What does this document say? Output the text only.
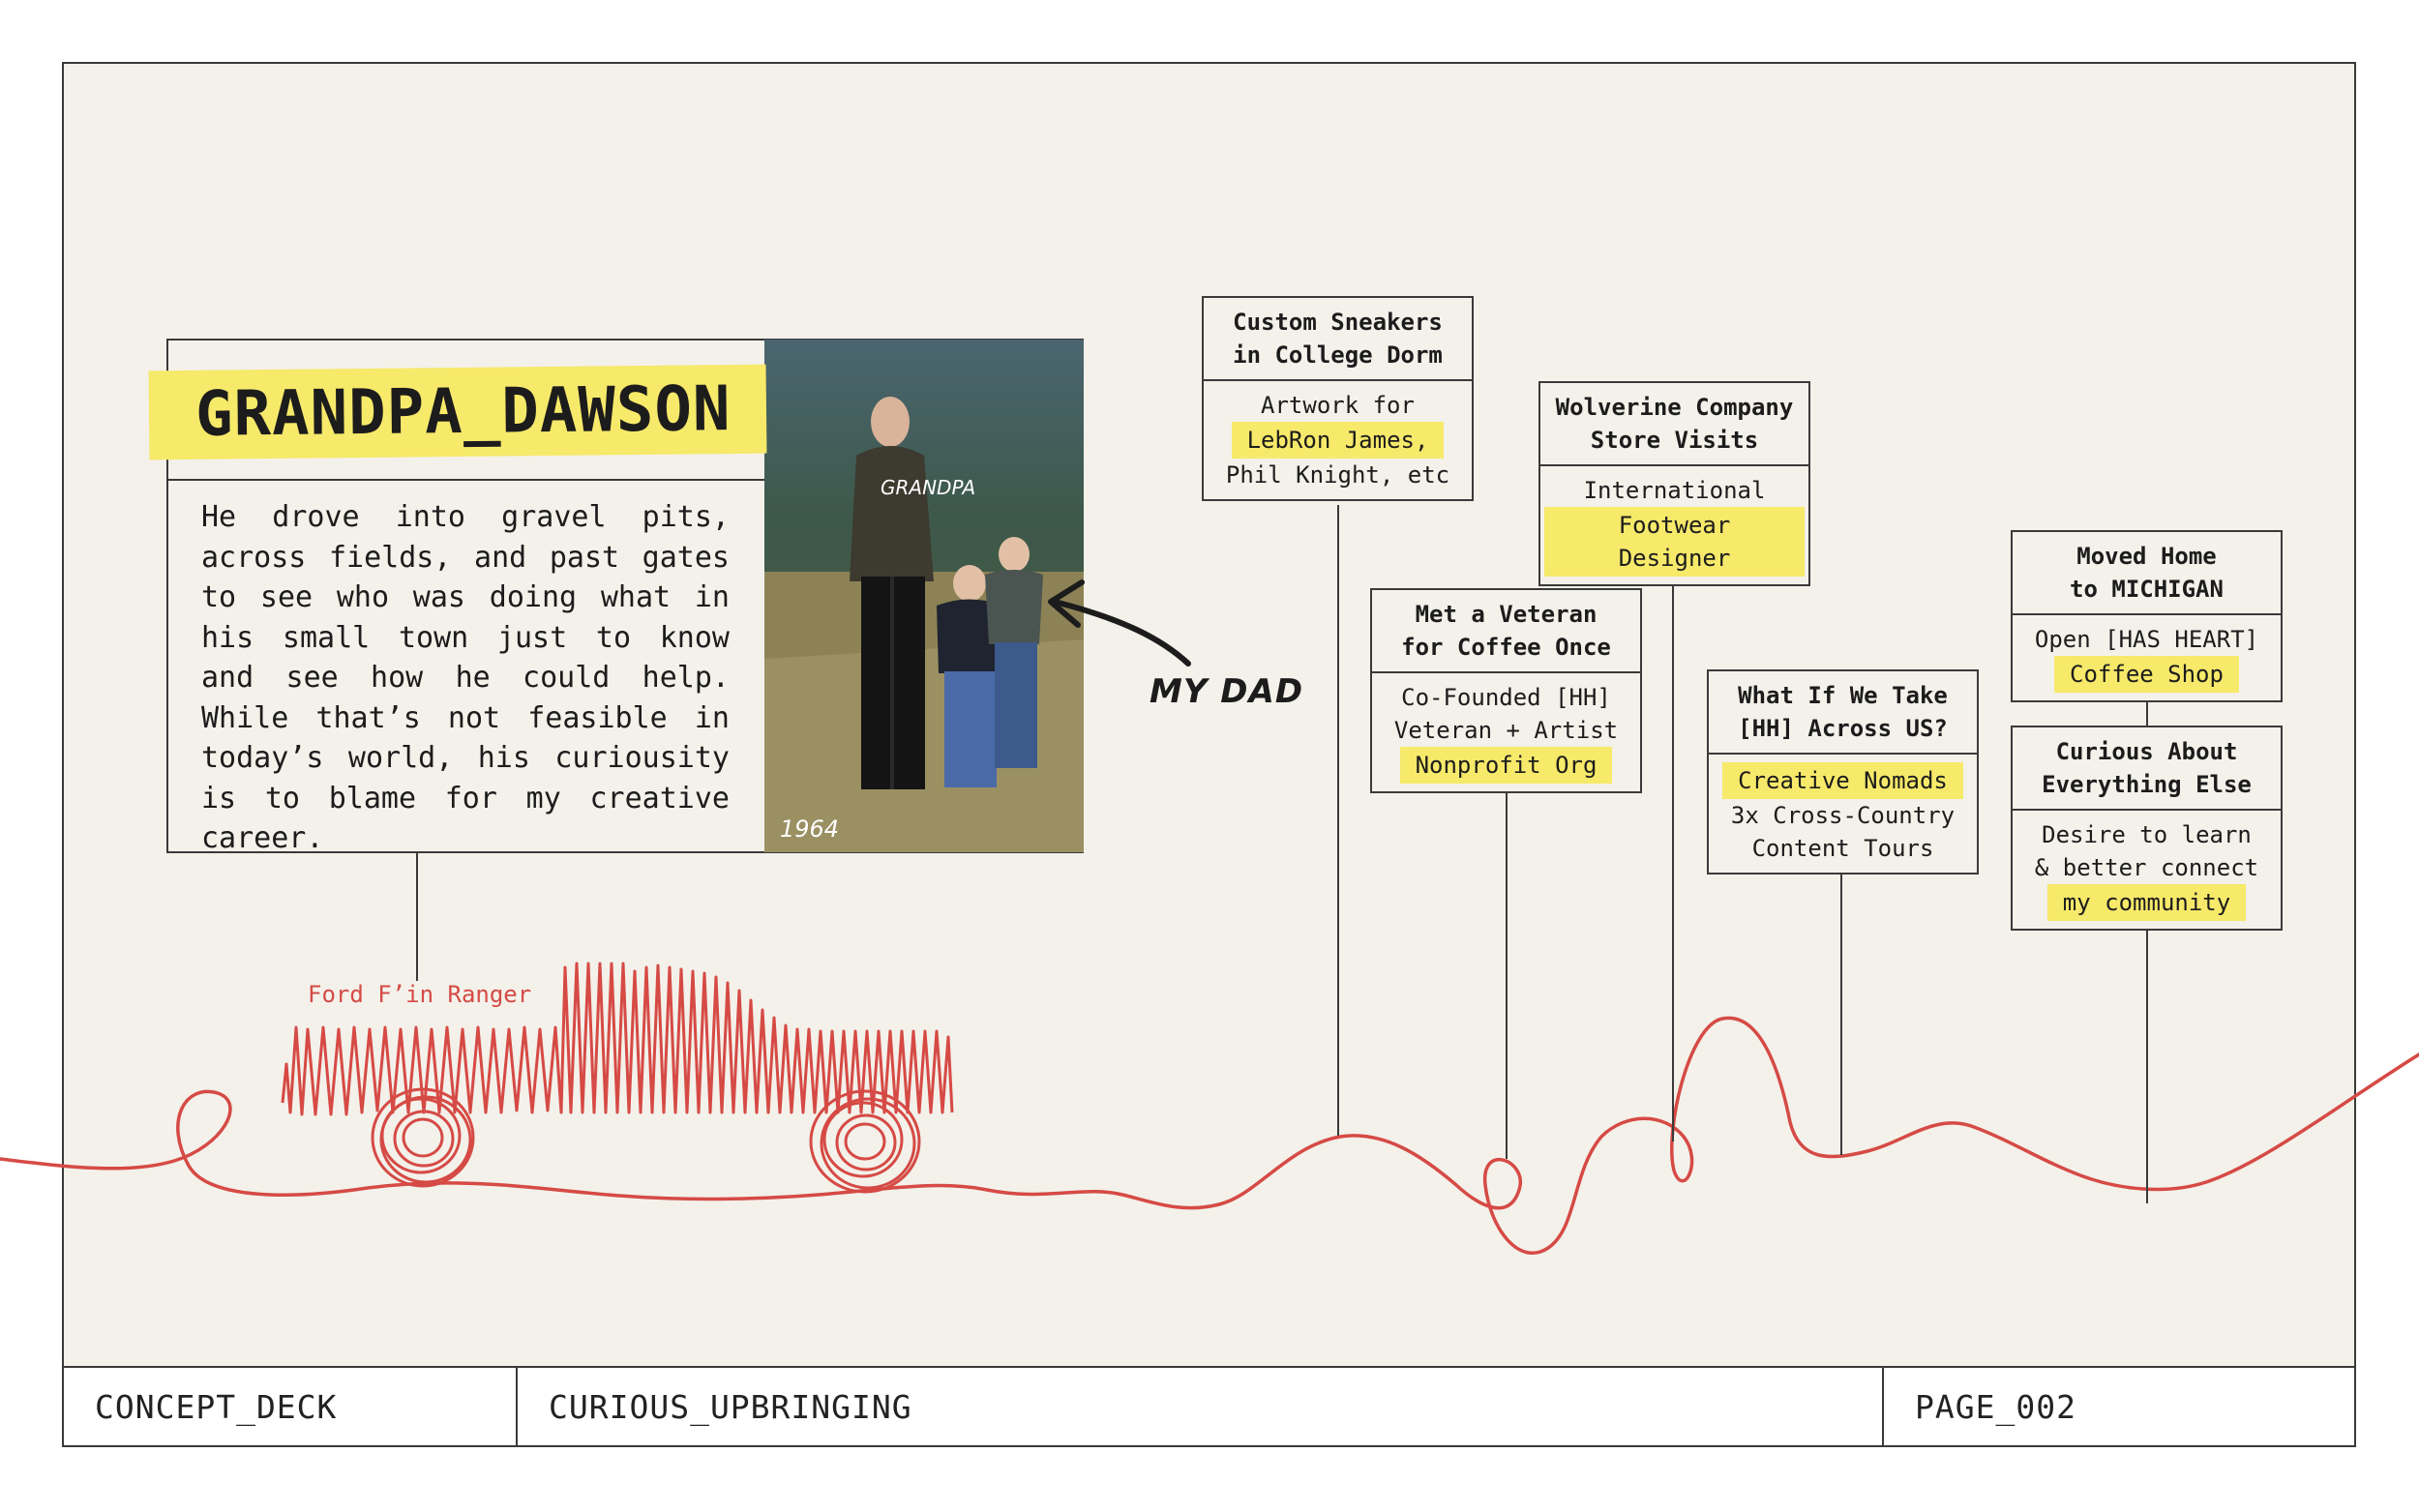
GRANDPA_DAWSON
He drove into gravel pits, across fields, and past gates to see who was doing what in his small town just to know and see how he could help. While that’s not feasible in today’s world, his curiousity is to blame for my creative career.
GRANDPA
1964
MY DAD
Ford F’in Ranger
Custom Sneakers
in College Dorm
Artwork for
LebRon James,
Phil Knight, etc
Met a Veteran
for Coffee Once
Co-Founded [HH]
Veteran + Artist
Nonprofit Org
Wolverine Company
Store Visits
International
Footwear Designer
What If We Take
[HH] Across US?
Creative Nomads
3x Cross-Country
Content Tours
Moved Home
to MICHIGAN
Open [HAS HEART]
Coffee Shop
Curious About
Everything Else
Desire to learn
& better connect
my community
CONCEPT_DECK	CURIOUS_UPBRINGING	PAGE_002
